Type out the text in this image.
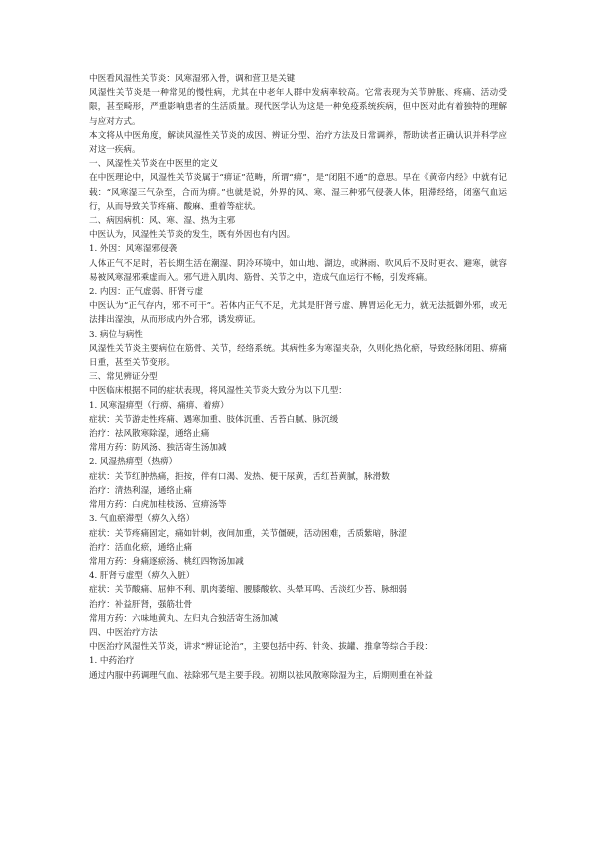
中医看风湿性关节炎：风寒湿邪入骨，调和营卫是关键

风湿性关节炎是一种常见的慢性病，尤其在中老年人群中发病率较高。它常表现为关节肿胀、疼痛、活动受限，甚至畸形，严重影响患者的生活质量。现代医学认为这是一种免疫系统疾病，但中医对此有着独特的理解与应对方式。

本文将从中医角度，解读风湿性关节炎的成因、辨证分型、治疗方法及日常调养，帮助读者正确认识并科学应对这一疾病。

一、风湿性关节炎在中医里的定义

在中医理论中，风湿性关节炎属于“痹证”范畴，所谓“痹”，是“闭阻不通”的意思。早在《黄帝内经》中就有记载：“风寒湿三气杂至，合而为痹。”也就是说，外界的风、寒、湿三种邪气侵袭人体，阻滞经络，闭塞气血运行，从而导致关节疼痛、酸麻、重着等症状。

二、病因病机：风、寒、湿、热为主邪

中医认为，风湿性关节炎的发生，既有外因也有内因。

1. 外因：风寒湿邪侵袭

人体正气不足时，若长期生活在潮湿、阴冷环境中，如山地、湖边，或淋雨、吹风后不及时更衣、避寒，就容易被风寒湿邪乘虚而入。邪气进入肌肉、筋骨、关节之中，造成气血运行不畅，引发疼痛。

2. 内因：正气虚弱、肝肾亏虚

中医认为“正气存内，邪不可干”。若体内正气不足，尤其是肝肾亏虚、脾胃运化无力，就无法抵御外邪，或无法排出湿浊，从而形成内外合邪，诱发痹证。

3. 病位与病性

风湿性关节炎主要病位在筋骨、关节，经络系统。其病性多为寒湿夹杂，久则化热化瘀，导致经脉闭阻、痹痛日重，甚至关节变形。

三、常见辨证分型

中医临床根据不同的症状表现，将风湿性关节炎大致分为以下几型：

1. 风寒湿痹型（行痹、痛痹、着痹）

症状：关节游走性疼痛、遇寒加重、肢体沉重、舌苔白腻、脉沉缓

治疗：祛风散寒除湿，通络止痛

常用方药：防风汤、独活寄生汤加减

2. 风湿热痹型（热痹）

症状：关节红肿热痛，拒按，伴有口渴、发热、便干尿黄，舌红苔黄腻，脉滑数

治疗：清热利湿，通络止痛

常用方药：白虎加桂枝汤、宣痹汤等

3. 气血瘀滞型（痹久入络）

症状：关节疼痛固定，痛如针刺，夜间加重，关节僵硬，活动困难，舌质紫暗，脉涩

治疗：活血化瘀，通络止痛

常用方药：身痛逐瘀汤、桃红四物汤加减

4. 肝肾亏虚型（痹久入脏）

症状：关节酸痛、屈伸不利、肌肉萎缩、腰膝酸软、头晕耳鸣、舌淡红少苔、脉细弱

治疗：补益肝肾，强筋壮骨

常用方药：六味地黄丸、左归丸合独活寄生汤加减

四、中医治疗方法

中医治疗风湿性关节炎，讲求“辨证论治”，主要包括中药、针灸、拔罐、推拿等综合手段：

1. 中药治疗

通过内服中药调理气血、祛除邪气是主要手段。初期以祛风散寒除湿为主，后期则重在补益
